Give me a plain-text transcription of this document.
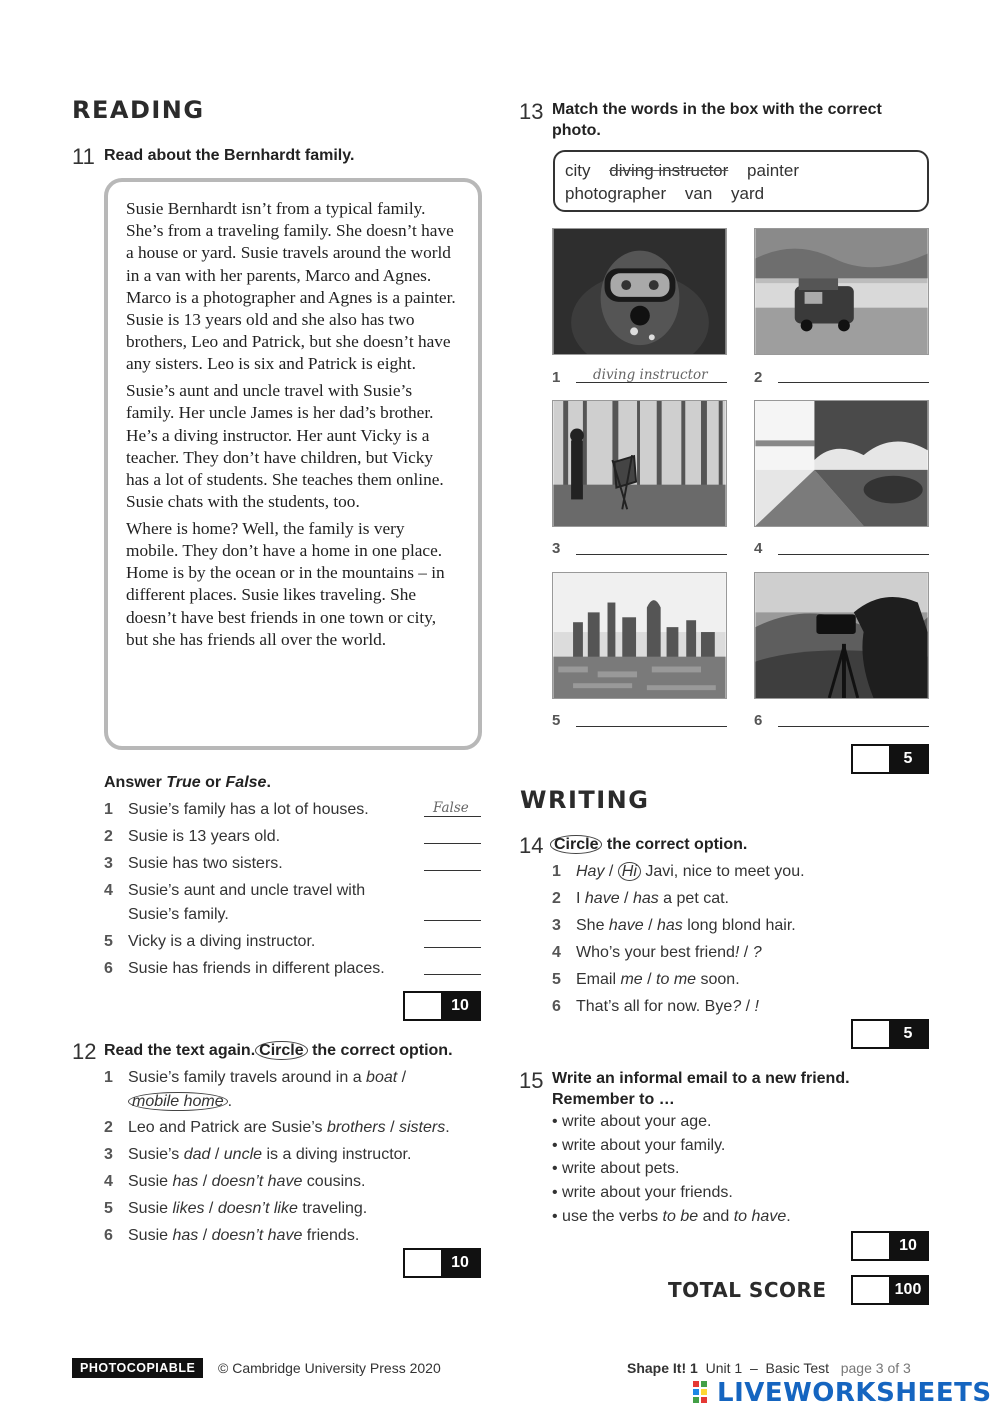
READING
11 Read about the Bernhardt family.

Susie Bernhardt isn’t from a typical family. She’s from a traveling family. She doesn’t have a house or yard. Susie travels around the world in a van with her parents, Marco and Agnes. Marco is a photographer and Agnes is a painter. Susie is 13 years old and she also has two brothers, Leo and Patrick, but she doesn’t have any sisters. Leo is six and Patrick is eight.

Susie’s aunt and uncle travel with Susie’s family. Her uncle James is her dad’s brother. He’s a diving instructor. Her aunt Vicky is a teacher. They don’t have children, but Vicky has a lot of students. She teaches them online. Susie chats with the students, too.

Where is home? Well, the family is very mobile. They don’t have a home in one place. Home is by the ocean or in the mountains – in different places. Susie likes traveling. She doesn’t have best friends in one town or city, but she has friends all over the world.

Answer True or False.
1 Susie’s family has a lot of houses.	False
2 Susie is 13 years old.
3 Susie has two sisters.
4 Susie’s aunt and uncle travel with
Susie’s family.
5 Vicky is a diving instructor.
6 Susie has friends in different places.
10
12 Read the text again. Circle the correct option.
1 Susie’s family travels around in a boat /
mobile home .
2 Leo and Patrick are Susie’s brothers / sisters.
3 Susie’s dad / uncle is a diving instructor.
4 Susie has / doesn’t have cousins.
5 Susie likes / doesn’t like traveling.
6 Susie has / doesn’t have friends.
10
13 Match the words in the box with the correct
photo.
city diving instructor painter
photographer van yard
1 diving instructor	2
3	4
5	6
5
WRITING
14 Circle the correct option.
1 Hay / Hi Javi, nice to meet you.
2 I have / has a pet cat.
3 She have / has long blond hair.
4 Who’s your best friend! / ?
5 Email me / to me soon.
6 That’s all for now. Bye? / !
5
15 Write an informal email to a new friend.
Remember to …
• write about your age.
• write about your family.
• write about pets.
• write about your friends.
• use the verbs to be and to have.
10
TOTAL SCORE	100
PHOTOCOPIABLE	© Cambridge University Press 2020	Shape It! 1 Unit 1 – Basic Test page 3 of 3
LIVEWORKSHEETS
